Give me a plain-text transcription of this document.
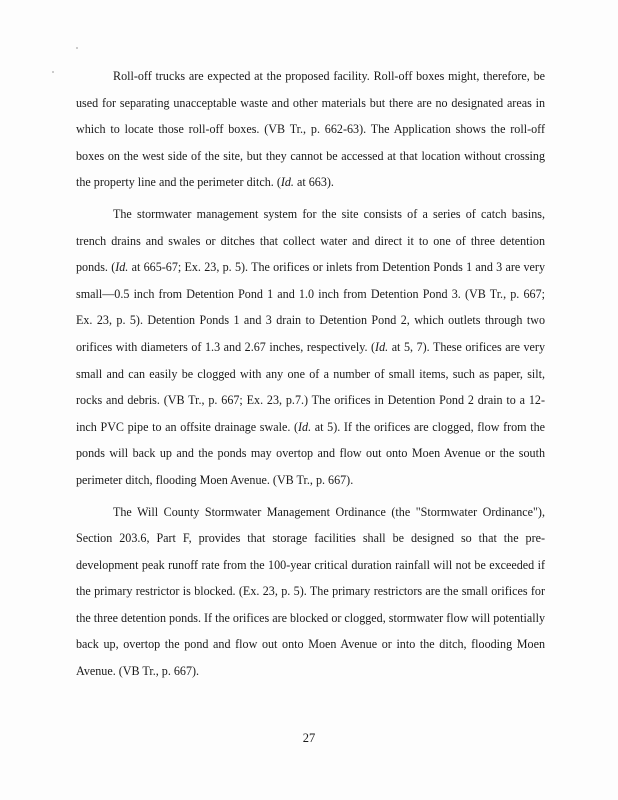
Roll-off trucks are expected at the proposed facility. Roll-off boxes might, therefore, be used for separating unacceptable waste and other materials but there are no designated areas in which to locate those roll-off boxes. (VB Tr., p. 662-63). The Application shows the roll-off boxes on the west side of the site, but they cannot be accessed at that location without crossing the property line and the perimeter ditch. (Id. at 663).

The stormwater management system for the site consists of a series of catch basins, trench drains and swales or ditches that collect water and direct it to one of three detention ponds. (Id. at 665-67; Ex. 23, p. 5). The orifices or inlets from Detention Ponds 1 and 3 are very small—0.5 inch from Detention Pond 1 and 1.0 inch from Detention Pond 3. (VB Tr., p. 667; Ex. 23, p. 5). Detention Ponds 1 and 3 drain to Detention Pond 2, which outlets through two orifices with diameters of 1.3 and 2.67 inches, respectively. (Id. at 5, 7). These orifices are very small and can easily be clogged with any one of a number of small items, such as paper, silt, rocks and debris. (VB Tr., p. 667; Ex. 23, p.7.) The orifices in Detention Pond 2 drain to a 12-inch PVC pipe to an offsite drainage swale. (Id. at 5). If the orifices are clogged, flow from the ponds will back up and the ponds may overtop and flow out onto Moen Avenue or the south perimeter ditch, flooding Moen Avenue. (VB Tr., p. 667).

The Will County Stormwater Management Ordinance (the "Stormwater Ordinance"), Section 203.6, Part F, provides that storage facilities shall be designed so that the pre-development peak runoff rate from the 100-year critical duration rainfall will not be exceeded if the primary restrictor is blocked. (Ex. 23, p. 5). The primary restrictors are the small orifices for the three detention ponds. If the orifices are blocked or clogged, stormwater flow will potentially back up, overtop the pond and flow out onto Moen Avenue or into the ditch, flooding Moen Avenue. (VB Tr., p. 667).

27
